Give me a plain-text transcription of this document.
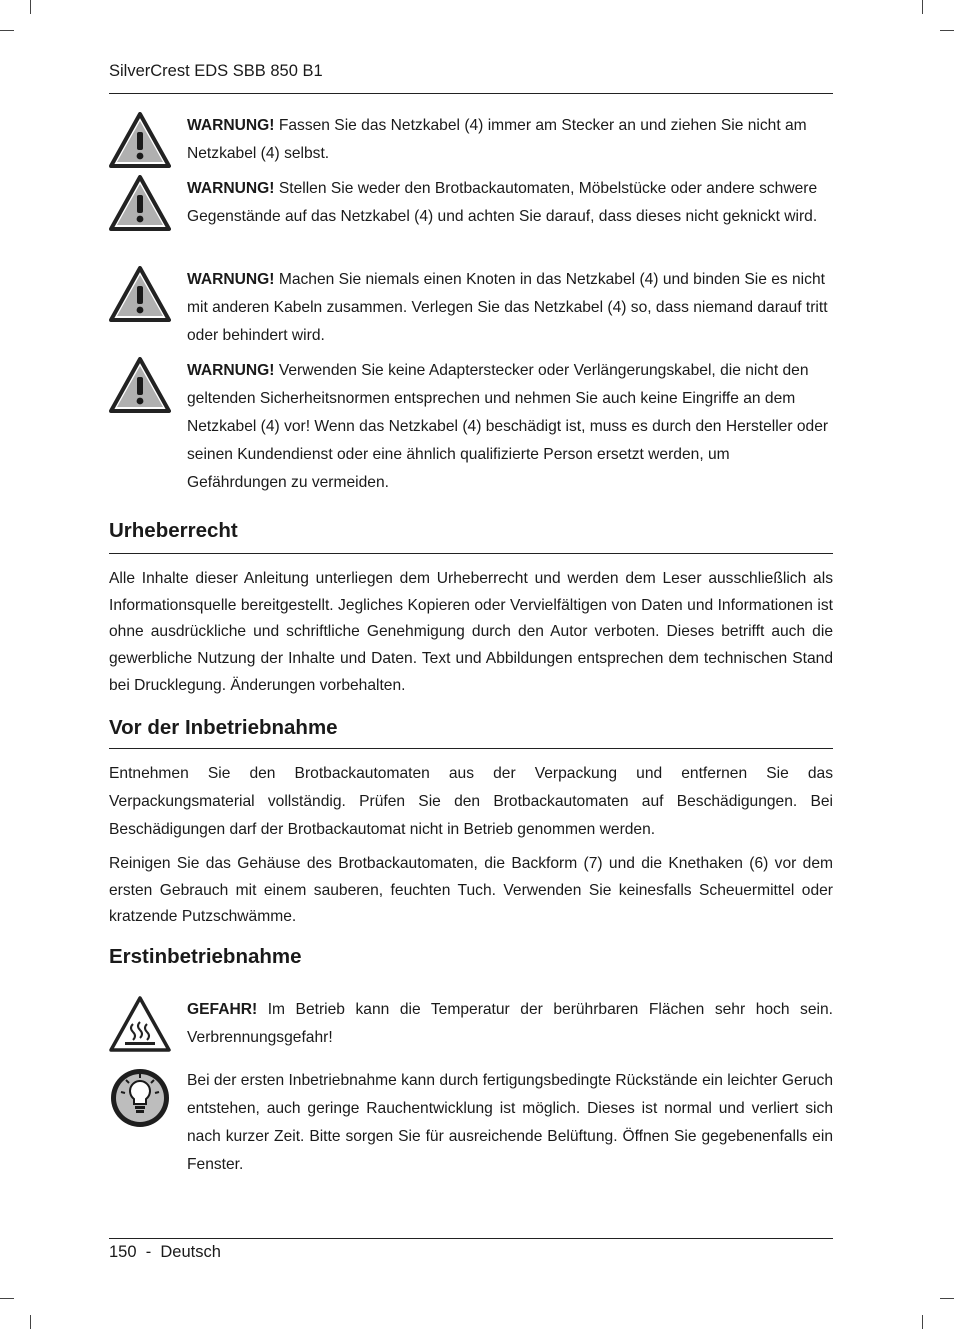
SilverCrest EDS SBB 850 B1
WARNUNG! Fassen Sie das Netzkabel (4) immer am Stecker an und ziehen Sie nicht am Netzkabel (4) selbst.
WARNUNG! Stellen Sie weder den Brotbackautomaten, Möbelstücke oder andere schwere Gegenstände auf das Netzkabel (4) und achten Sie darauf, dass dieses nicht geknickt wird.
WARNUNG! Machen Sie niemals einen Knoten in das Netzkabel (4) und binden Sie es nicht mit anderen Kabeln zusammen. Verlegen Sie das Netzkabel (4) so, dass niemand darauf tritt oder behindert wird.
WARNUNG! Verwenden Sie keine Adapterstecker oder Verlängerungskabel, die nicht den geltenden Sicherheitsnormen entsprechen und nehmen Sie auch keine Eingriffe an dem Netzkabel (4) vor! Wenn das Netzkabel (4) beschädigt ist, muss es durch den Hersteller oder seinen Kundendienst oder eine ähnlich qualifizierte Person ersetzt werden, um Gefährdungen zu vermeiden.
Urheberrecht
Alle Inhalte dieser Anleitung unterliegen dem Urheberrecht und werden dem Leser ausschließlich als Informationsquelle bereitgestellt. Jegliches Kopieren oder Vervielfältigen von Daten und Informationen ist ohne ausdrückliche und schriftliche Genehmigung durch den Autor verboten. Dieses betrifft auch die gewerbliche Nutzung der Inhalte und Daten. Text und Abbildungen entsprechen dem technischen Stand bei Drucklegung. Änderungen vorbehalten.
Vor der Inbetriebnahme
Entnehmen Sie den Brotbackautomaten aus der Verpackung und entfernen Sie das Verpackungsmaterial vollständig. Prüfen Sie den Brotbackautomaten auf Beschädigungen. Bei Beschädigungen darf der Brotbackautomat nicht in Betrieb genommen werden.
Reinigen Sie das Gehäuse des Brotbackautomaten, die Backform (7) und die Knethaken (6) vor dem ersten Gebrauch mit einem sauberen, feuchten Tuch. Verwenden Sie keinesfalls Scheuermittel oder kratzende Putzschwämme.
Erstinbetriebnahme
GEFAHR! Im Betrieb kann die Temperatur der berührbaren Flächen sehr hoch sein. Verbrennungsgefahr!
Bei der ersten Inbetriebnahme kann durch fertigungsbedingte Rückstände ein leichter Geruch entstehen, auch geringe Rauchentwicklung ist möglich. Dieses ist normal und verliert sich nach kurzer Zeit. Bitte sorgen Sie für ausreichende Belüftung. Öffnen Sie gegebenenfalls ein Fenster.
150  -  Deutsch
